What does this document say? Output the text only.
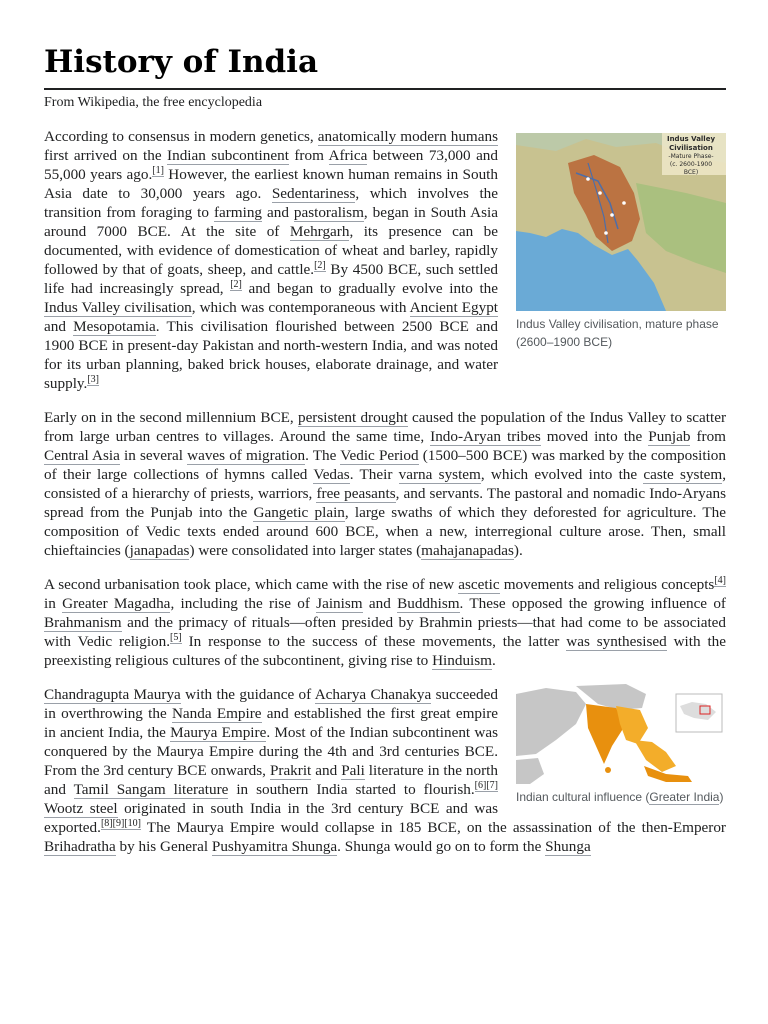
History of India
From Wikipedia, the free encyclopedia
Indus Valley Civilisation
-Mature Phase-
(c. 2600-1900 BCE)
Indus Valley civilisation, mature phase (2600–1900 BCE)

According to consensus in modern genetics, anatomically modern humans first arrived on the Indian subcontinent from Africa between 73,000 and 55,000 years ago.[1] However, the earliest known human remains in South Asia date to 30,000 years ago. Sedentariness, which involves the transition from foraging to farming and pastoralism, began in South Asia around 7000 BCE. At the site of Mehrgarh, its presence can be documented, with evidence of domestication of wheat and barley, rapidly followed by that of goats, sheep, and cattle.[2] By 4500 BCE, such settled life had increasingly spread, [2] and began to gradually evolve into the Indus Valley civilisation, which was contemporaneous with Ancient Egypt and Mesopotamia. This civilisation flourished between 2500 BCE and 1900 BCE in present-day Pakistan and north-western India, and was noted for its urban planning, baked brick houses, elaborate drainage, and water supply.[3]

Early on in the second millennium BCE, persistent drought caused the population of the Indus Valley to scatter from large urban centres to villages. Around the same time, Indo-Aryan tribes moved into the Punjab from Central Asia in several waves of migration. The Vedic Period (1500–500 BCE) was marked by the composition of their large collections of hymns called Vedas. Their varna system, which evolved into the caste system, consisted of a hierarchy of priests, warriors, free peasants, and servants. The pastoral and nomadic Indo-Aryans spread from the Punjab into the Gangetic plain, large swaths of which they deforested for agriculture. The composition of Vedic texts ended around 600 BCE, when a new, interregional culture arose. Then, small chieftaincies (janapadas) were consolidated into larger states (mahajanapadas).

A second urbanisation took place, which came with the rise of new ascetic movements and religious concepts[4] in Greater Magadha, including the rise of Jainism and Buddhism. These opposed the growing influence of Brahmanism and the primacy of rituals—often presided by Brahmin priests—that had come to be associated with Vedic religion.[5] In response to the success of these movements, the latter was synthesised with the preexisting religious cultures of the subcontinent, giving rise to Hinduism.

Indian cultural influence (Greater India)

Chandragupta Maurya with the guidance of Acharya Chanakya succeeded in overthrowing the Nanda Empire and established the first great empire in ancient India, the Maurya Empire. Most of the Indian subcontinent was conquered by the Maurya Empire during the 4th and 3rd centuries BCE. From the 3rd century BCE onwards, Prakrit and Pali literature in the north and Tamil Sangam literature in southern India started to flourish.[6][7] Wootz steel originated in south India in the 3rd century BCE and was exported.[8][9][10] The Maurya Empire would collapse in 185 BCE, on the assassination of the then-Emperor Brihadratha by his General Pushyamitra Shunga. Shunga would go on to form the Shunga
